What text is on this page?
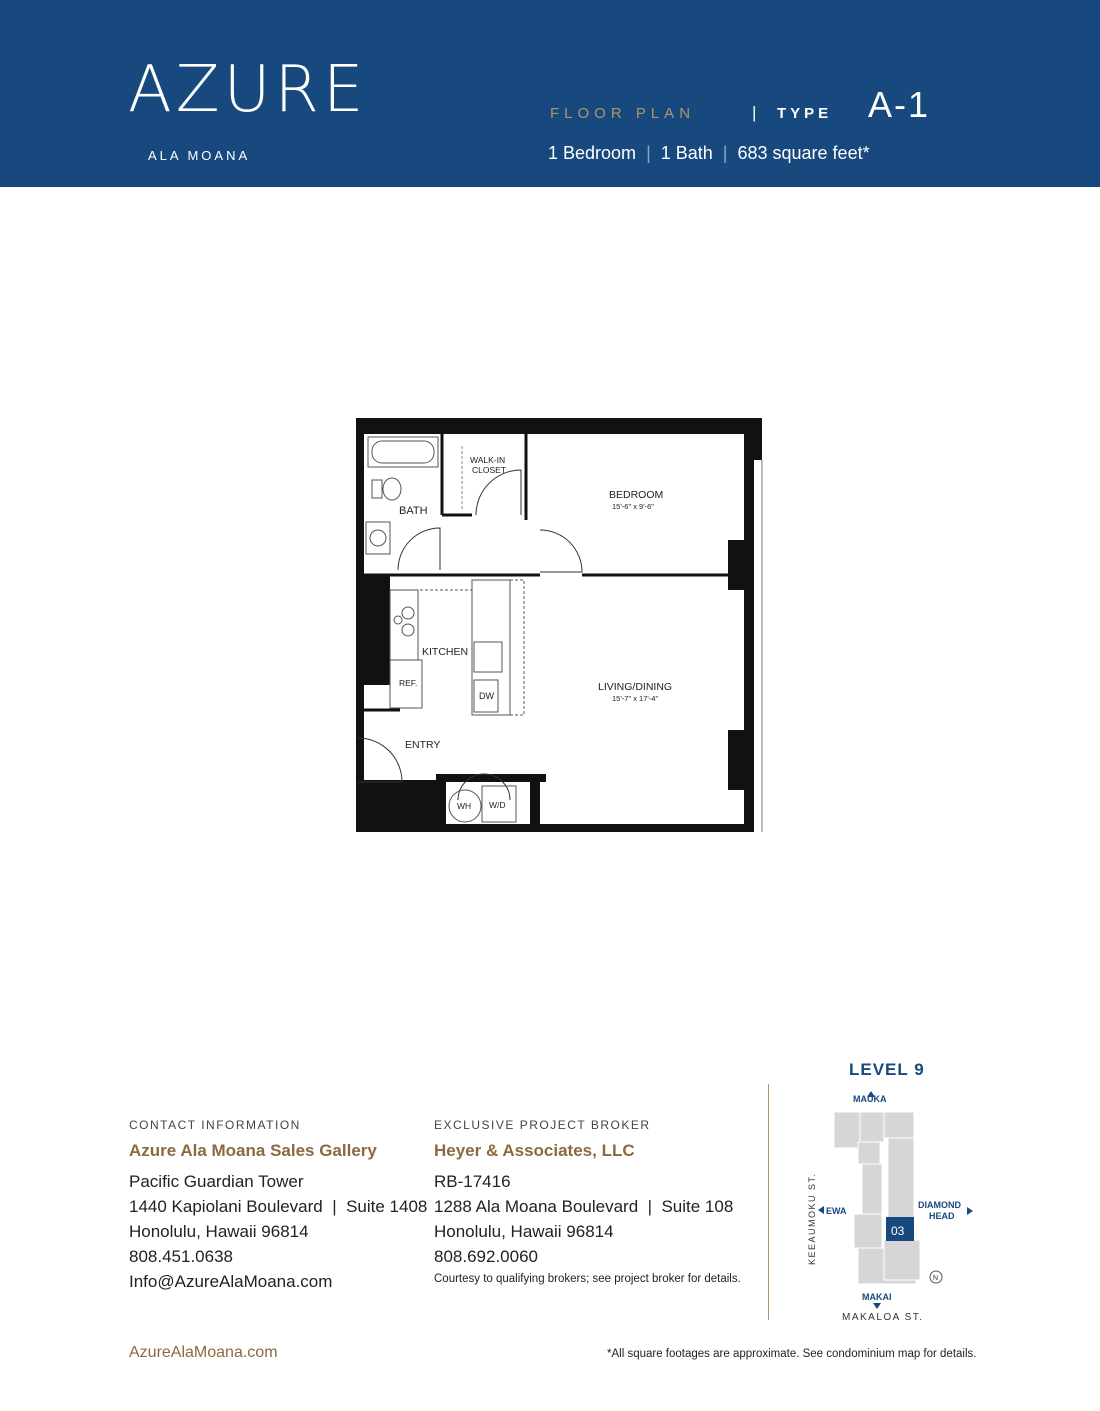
AZURE
ALA MOANA
FLOOR PLAN	| TYPE A-1
1 Bedroom | 1 Bath | 683 square feet*
WALK-IN
CLOSET
BATH
BEDROOM
15'-6" x 9'-6"
KITCHEN
REF.
DW
LIVING/DINING
15'-7" x 17'-4"
ENTRY
WH W/D
CONTACT INFORMATION
Azure Ala Moana Sales Gallery
Pacific Guardian Tower
1440 Kapiolani Boulevard  |  Suite 1408
Honolulu, Hawaii 96814
808.451.0638
Info@AzureAlaMoana.com
EXCLUSIVE PROJECT BROKER
Heyer & Associates, LLC
RB-17416
1288 Ala Moana Boulevard  |  Suite 108
Honolulu, Hawaii 96814
808.692.0060
Courtesy to qualifying brokers; see project broker for details.
LEVEL 9
03
MAUKA
EWA
DIAMOND
HEAD
MAKAI
KEEAUMOKU ST.
MAKALOA ST.
N
AzureAlaMoana.com	*All square footages are approximate. See condominium map for details.
